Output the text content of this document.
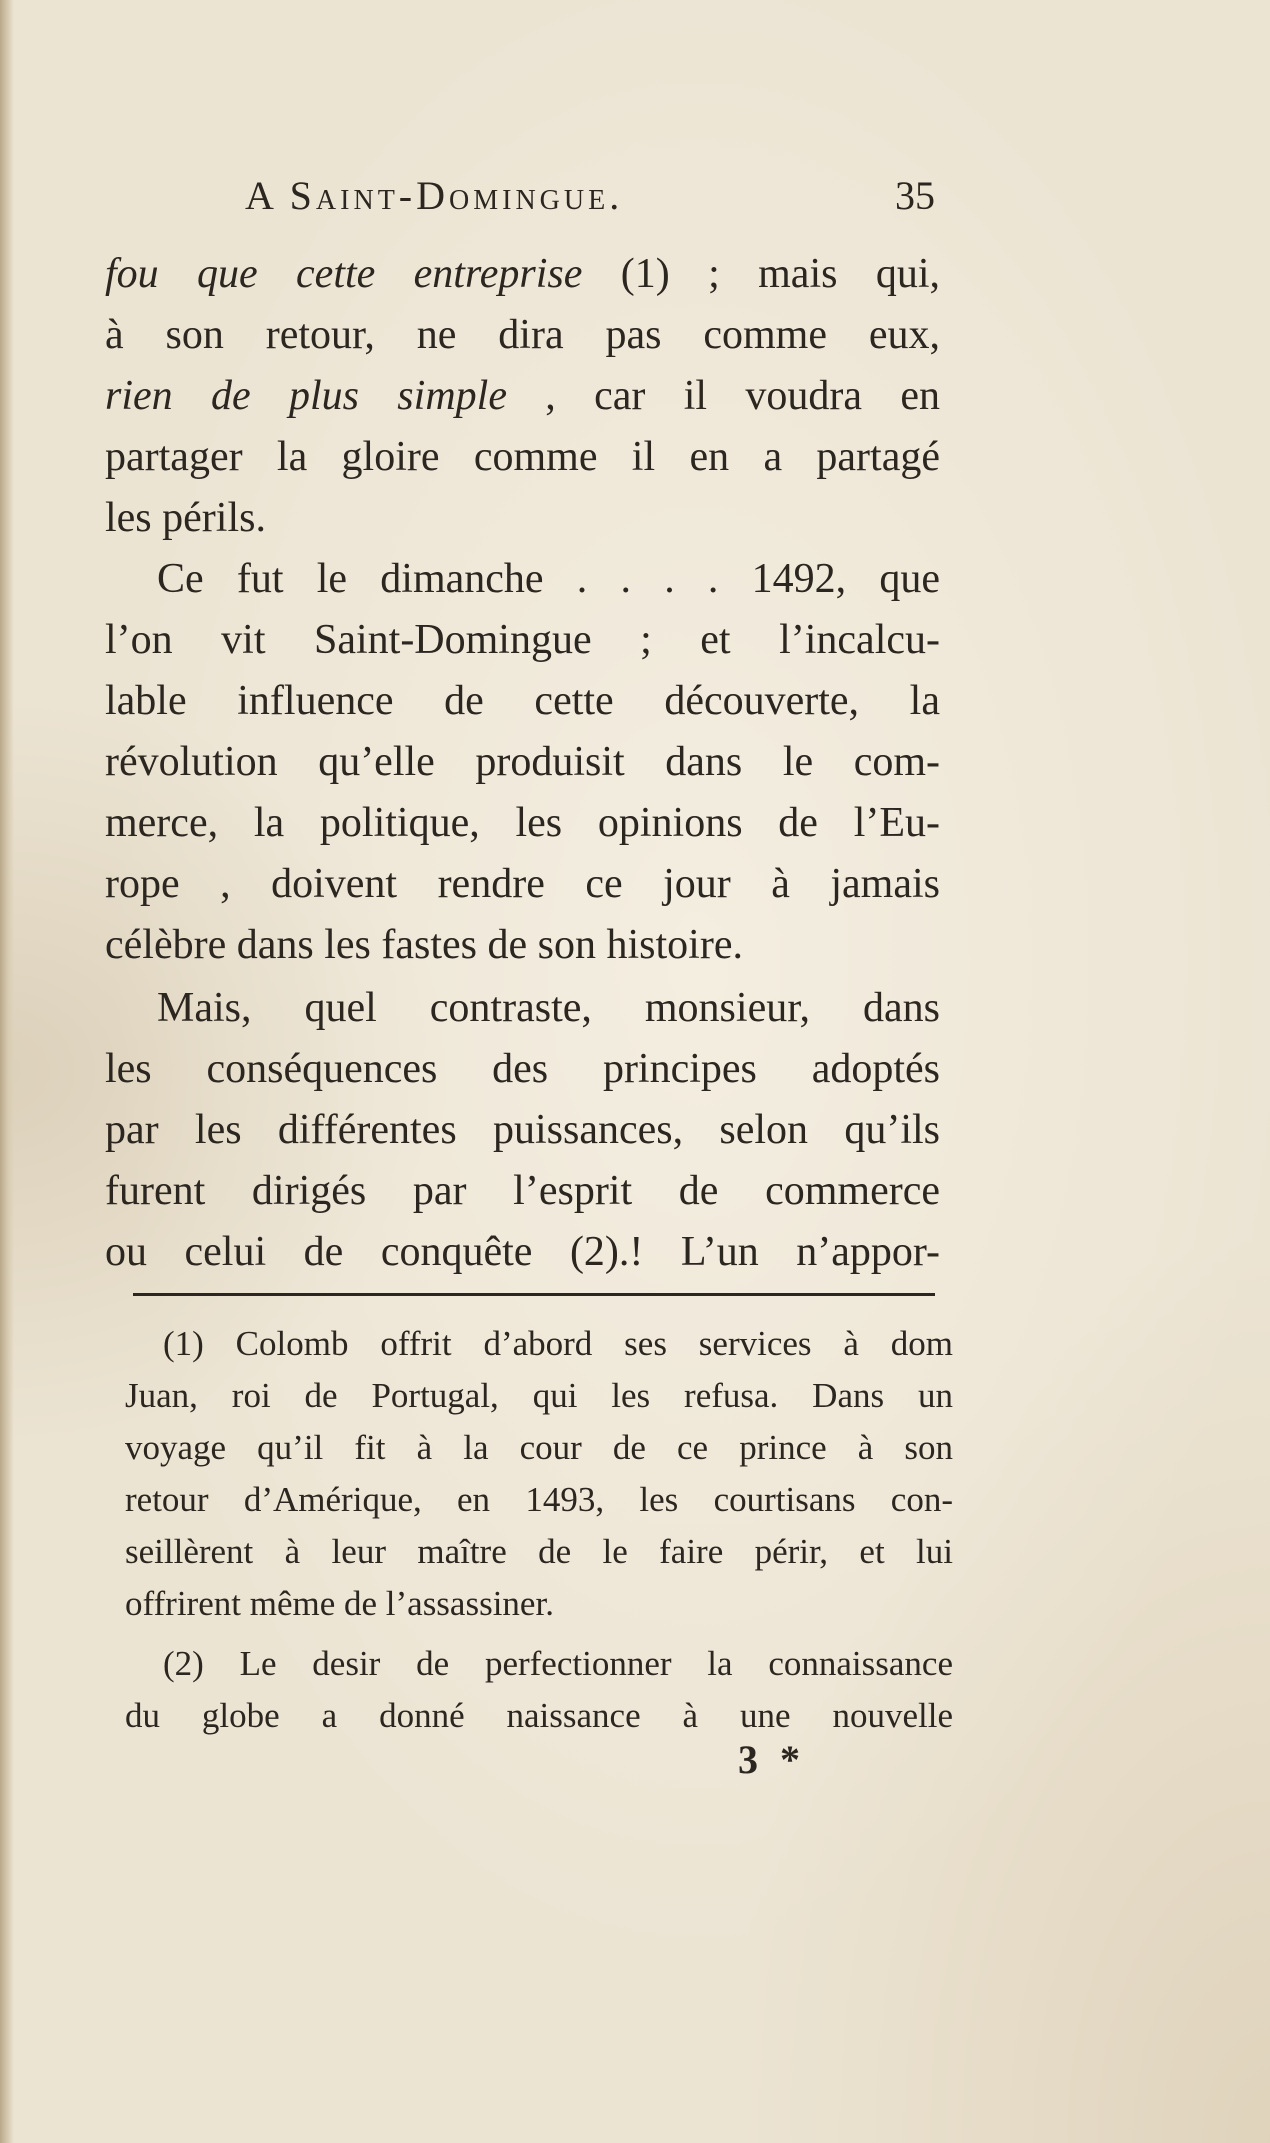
A Saint-Domingue.	35
fou que cette entreprise (1) ; mais qui,
à son retour, ne dira pas comme eux,
rien de plus simple , car il voudra en
partager la gloire comme il en a partagé
les périls.
Ce fut le dimanche . . . . 1492, que
l’on vit Saint-Domingue ; et l’incalcu-
lable influence de cette découverte, la
révolution qu’elle produisit dans le com-
merce, la politique, les opinions de l’Eu-
rope , doivent rendre ce jour à jamais
célèbre dans les fastes de son histoire.
Mais, quel contraste, monsieur, dans
les conséquences des principes adoptés
par les différentes puissances, selon qu’ils
furent dirigés par l’esprit de commerce
ou celui de conquête (2).! L’un n’appor-
(1) Colomb offrit d’abord ses services à dom
Juan, roi de Portugal, qui les refusa. Dans un
voyage qu’il fit à la cour de ce prince à son
retour d’Amérique, en 1493, les courtisans con-
seillèrent à leur maître de le faire périr, et lui
offrirent même de l’assassiner.
(2) Le desir de perfectionner la connaissance
du globe a donné naissance à une nouvelle
3 *
